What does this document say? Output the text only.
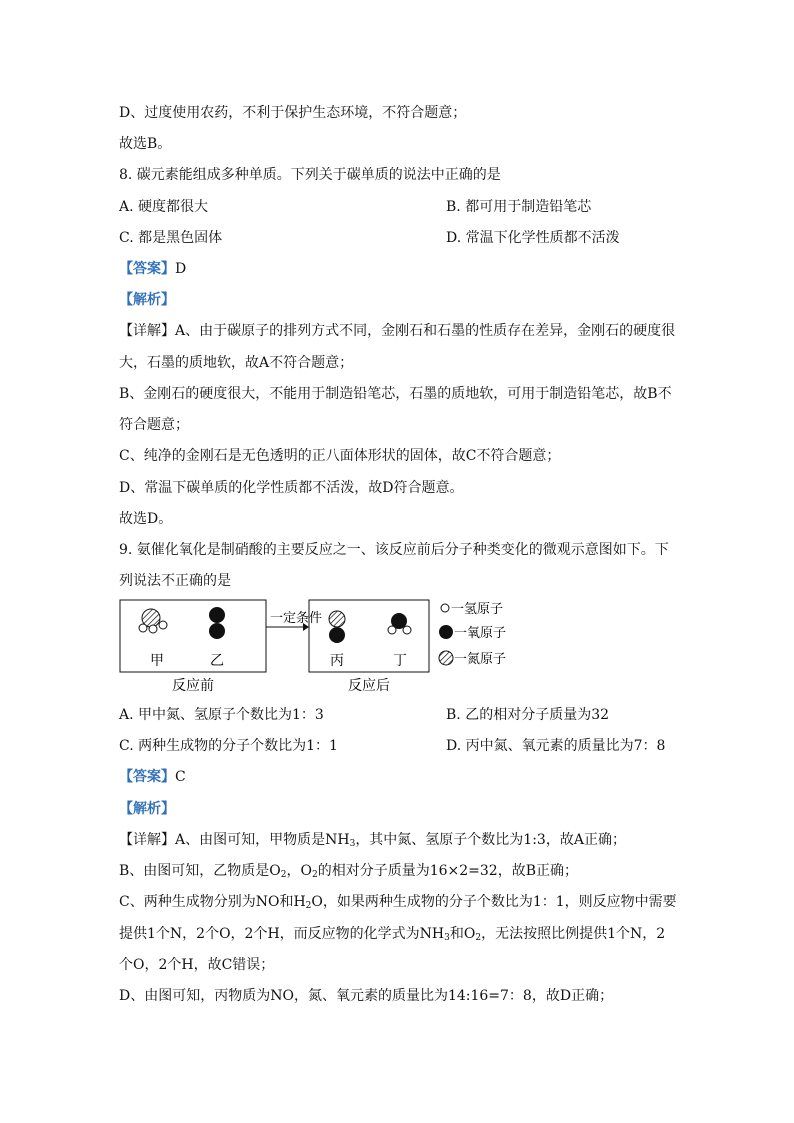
D、过度使用农药，不利于保护生态环境，不符合题意；
故选B。
8. 碳元素能组成多种单质。下列关于碳单质的说法中正确的是
A. 硬度都很大	B. 都可用于制造铅笔芯
C. 都是黑色固体	D. 常温下化学性质都不活泼
【答案】D
【解析】
【详解】A、由于碳原子的排列方式不同，金刚石和石墨的性质存在差异，金刚石的硬度很
大，石墨的质地软，故A不符合题意；
B、金刚石的硬度很大，不能用于制造铅笔芯，石墨的质地软，可用于制造铅笔芯，故B不
符合题意；
C、纯净的金刚石是无色透明的正八面体形状的固体，故C不符合题意；
D、常温下碳单质的化学性质都不活泼，故D符合题意。
故选D。
9. 氨催化氧化是制硝酸的主要反应之一、该反应前后分子种类变化的微观示意图如下。下
列说法不正确的是
甲	乙
一定条件
丙	丁
反应前	反应后
一氢原子
一氧原子
一氮原子
A. 甲中氮、氢原子个数比为1：3	B. 乙的相对分子质量为32
C. 两种生成物的分子个数比为1：1	D. 丙中氮、氧元素的质量比为7：8
【答案】C
【解析】
【详解】A、由图可知，甲物质是$NH_3$，其中氮、氢原子个数比为1:3，故A正确；
B、由图可知，乙物质是$O_2$，$O_2$的相对分子质量为16×2=32，故B正确；
C、两种生成物分别为NO和$H_2O$，如果两种生成物的分子个数比为1：1，则反应物中需要
提供1个N，2个O，2个H，而反应物的化学式为$NH_3$和$O_2$，无法按照比例提供1个N，2
个O，2个H，故C错误；
D、由图可知，丙物质为NO，氮、氧元素的质量比为14:16=7：8，故D正确；
